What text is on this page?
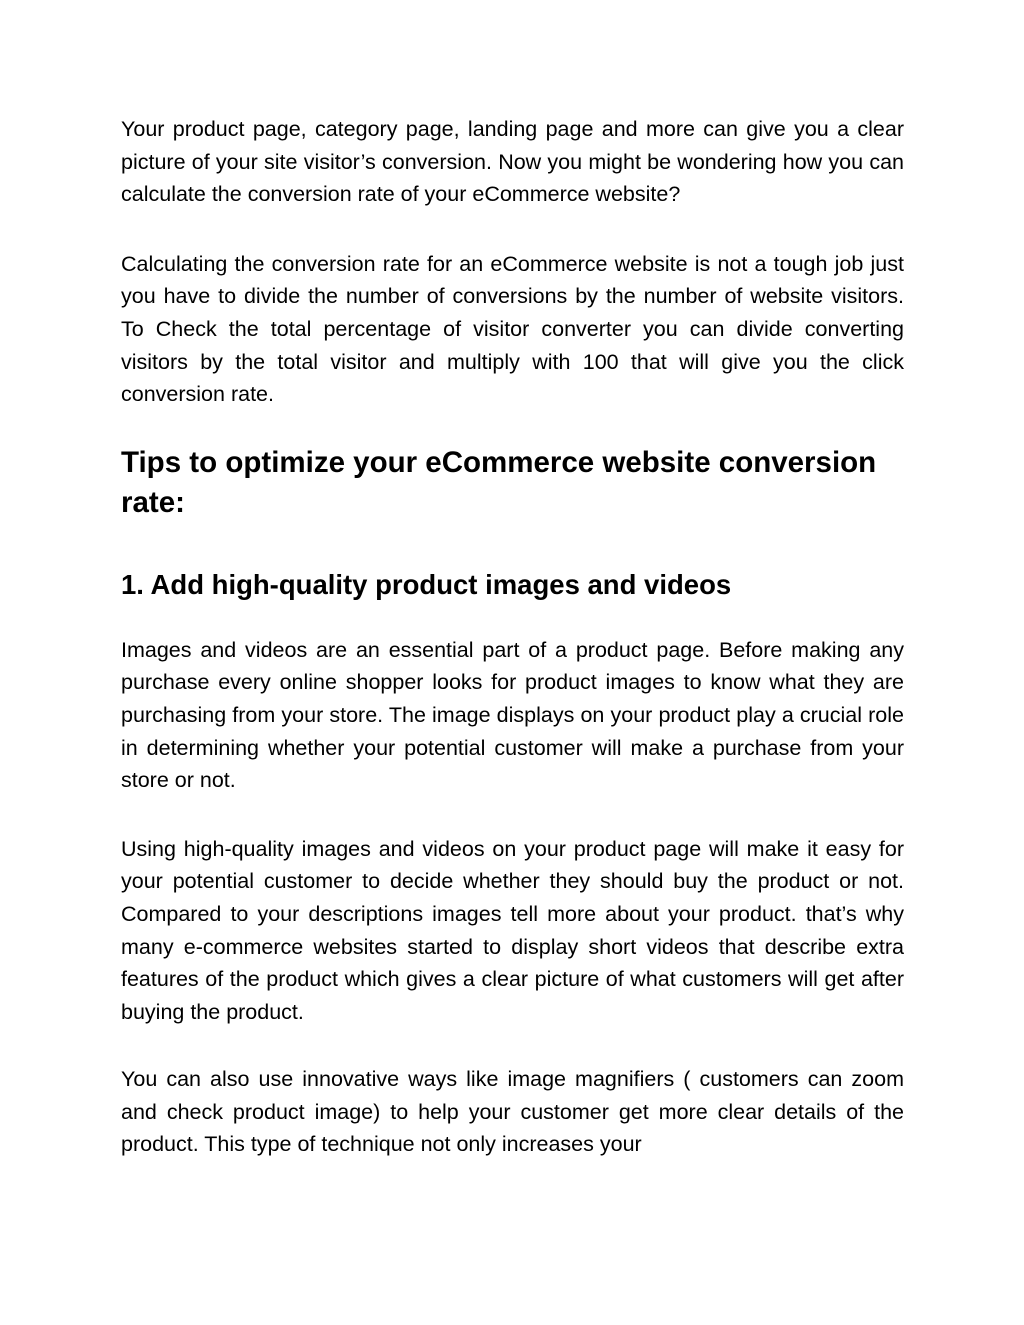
Your product page, category page, landing page and more can give you a clear picture of your site visitor’s conversion. Now you might be wondering how you can calculate the conversion rate of your eCommerce website?

Calculating the conversion rate for an eCommerce website is not a tough job just you have to divide the number of conversions by the number of website visitors. To Check the total percentage of visitor converter you can divide converting visitors by the total visitor and multiply with 100 that will give you the click conversion rate.

Tips to optimize your eCommerce website conversion rate:
1. Add high-quality product images and videos

Images and videos are an essential part of a product page. Before making any purchase every online shopper looks for product images to know what they are purchasing from your store. The image displays on your product play a crucial role in determining whether your potential customer will make a purchase from your store or not.

Using high-quality images and videos on your product page will make it easy for your potential customer to decide whether they should buy the product or not. Compared to your descriptions images tell more about your product. that’s why many e-commerce websites started to display short videos that describe extra features of the product which gives a clear picture of what customers will get after buying the product.

You can also use innovative ways like image magnifiers ( customers can zoom and check product image) to help your customer get more clear details of the product. This type of technique not only increases your
